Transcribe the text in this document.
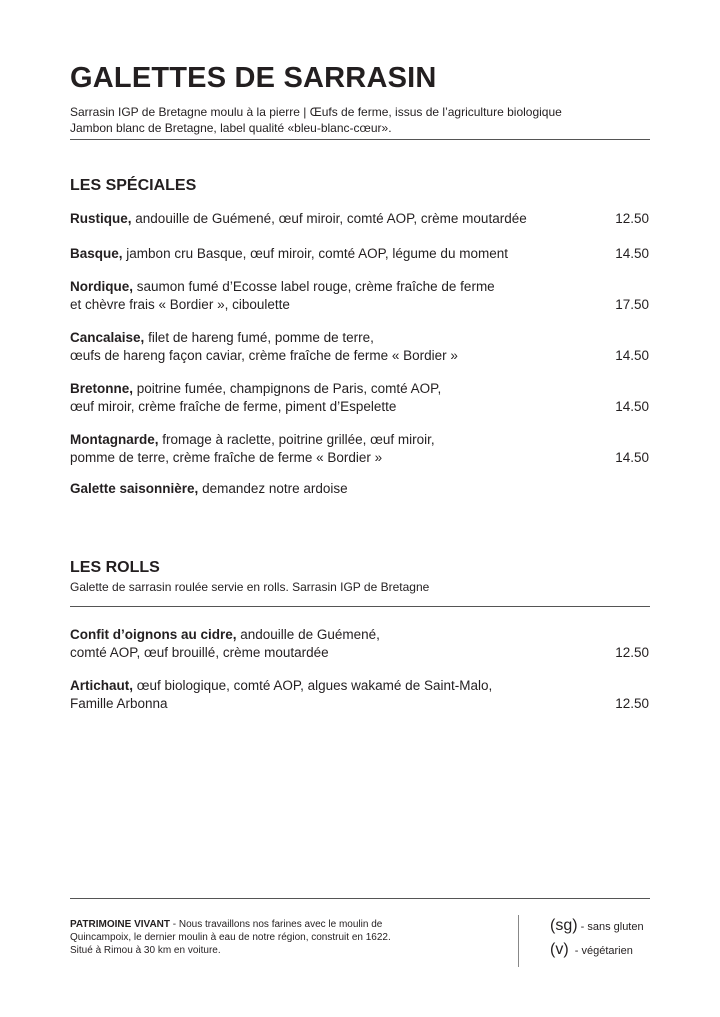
GALETTES DE SARRASIN
Sarrasin IGP de Bretagne moulu à la pierre | Œufs de ferme, issus de l’agriculture biologique
Jambon blanc de Bretagne, label qualité «bleu-blanc-cœur».
LES SPÉCIALES
Rustique, andouille de Guémené, œuf miroir, comté AOP, crème moutardée	12.50
Basque, jambon cru Basque, œuf miroir, comté AOP, légume du moment	14.50
Nordique, saumon fumé d’Ecosse label rouge, crème fraîche de ferme
et chèvre frais « Bordier », ciboulette	17.50
Cancalaise, filet de hareng fumé, pomme de terre,
œufs de hareng façon caviar, crème fraîche de ferme « Bordier »	14.50
Bretonne, poitrine fumée, champignons de Paris, comté AOP,
œuf miroir, crème fraîche de ferme, piment d’Espelette	14.50
Montagnarde, fromage à raclette, poitrine grillée, œuf miroir,
pomme de terre, crème fraîche de ferme « Bordier »	14.50
Galette saisonnière, demandez notre ardoise
LES ROLLS
Galette de sarrasin roulée servie en rolls. Sarrasin IGP de Bretagne
Confit d’oignons au cidre, andouille de Guémené,
comté AOP, œuf brouillé, crème moutardée	12.50
Artichaut, œuf biologique, comté AOP, algues wakamé de Saint-Malo,
Famille Arbonna	12.50
PATRIMOINE VIVANT - Nous travaillons nos farines avec le moulin de
Quincampoix, le dernier moulin à eau de notre région, construit en 1622.
Situé à Rimou à 30 km en voiture.
(sg) - sans gluten
(v)  - végétarien
